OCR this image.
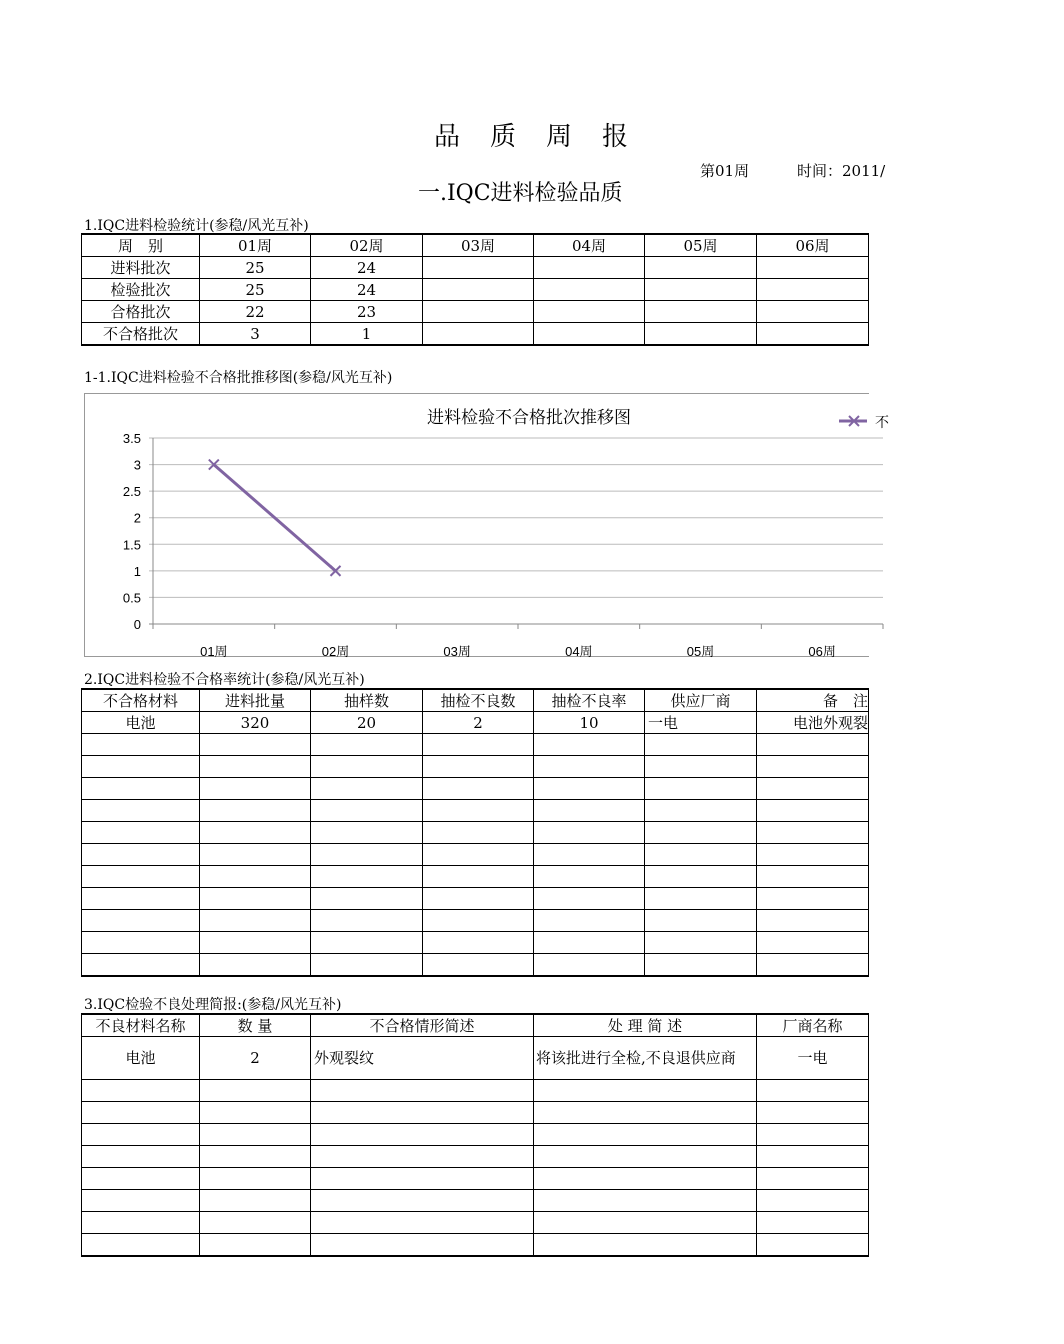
品　质　周　报
第01周	时间：2011/
一.IQC进料检验品质
1.IQC进料检验统计(参稳/风光互补)
周　别	01周	02周	03周	04周	05周	06周
进料批次	25	24				
检验批次	25	24				
合格批次	22	23				
不合格批次	3	1				
1-1.IQC进料检验不合格批推移图(参稳/风光互补)
进料检验不合格批次推移图
0
0.5
1
1.5
2
2.5
3
3.5
01周	02周	03周	04周	05周	06周
不
2.IQC进料检验不合格率统计(参稳/风光互补)
不合格材料	进料批量	抽样数	抽检不良数	抽检不良率	供应厂商	备　注
电池	320	20	2	10	一电	电池外观裂

3.IQC检验不良处理简报:(参稳/风光互补)
不良材料名称	数 量	不合格情形简述	处 理 简 述	厂商名称
电池	2	外观裂纹	将该批进行全检,不良退供应商	一电
